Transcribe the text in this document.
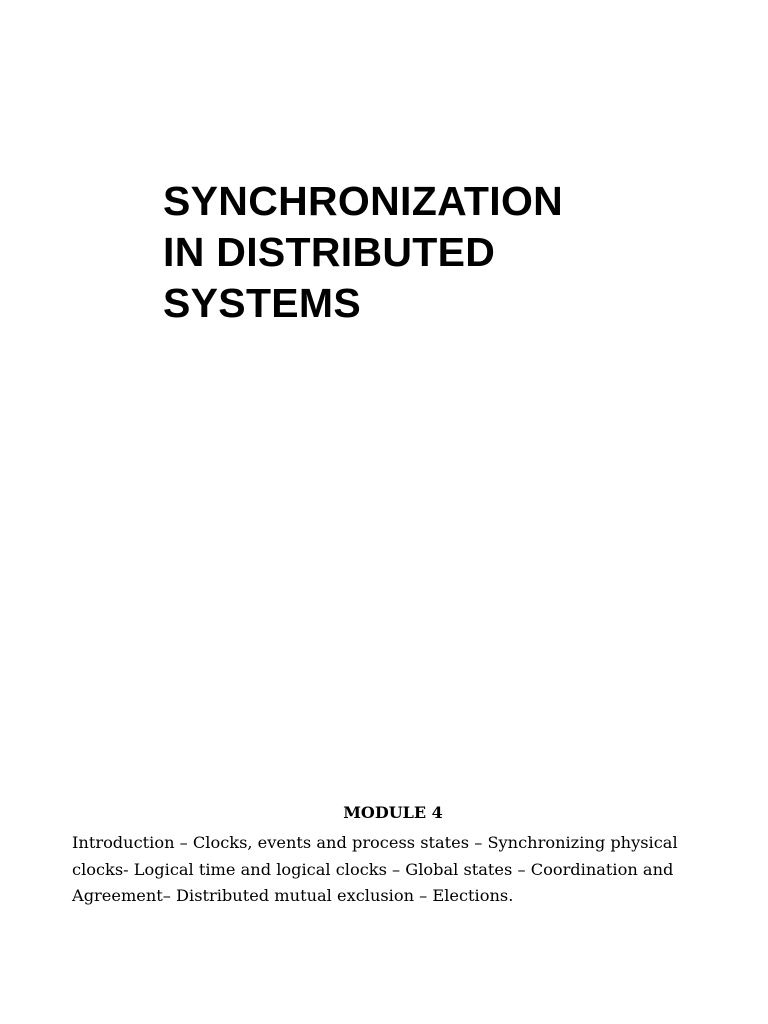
SYNCHRONIZATION
IN DISTRIBUTED
SYSTEMS
MODULE 4
Introduction – Clocks, events and process states – Synchronizing physical
clocks- Logical time and logical clocks – Global states – Coordination and
Agreement– Distributed mutual exclusion – Elections.
